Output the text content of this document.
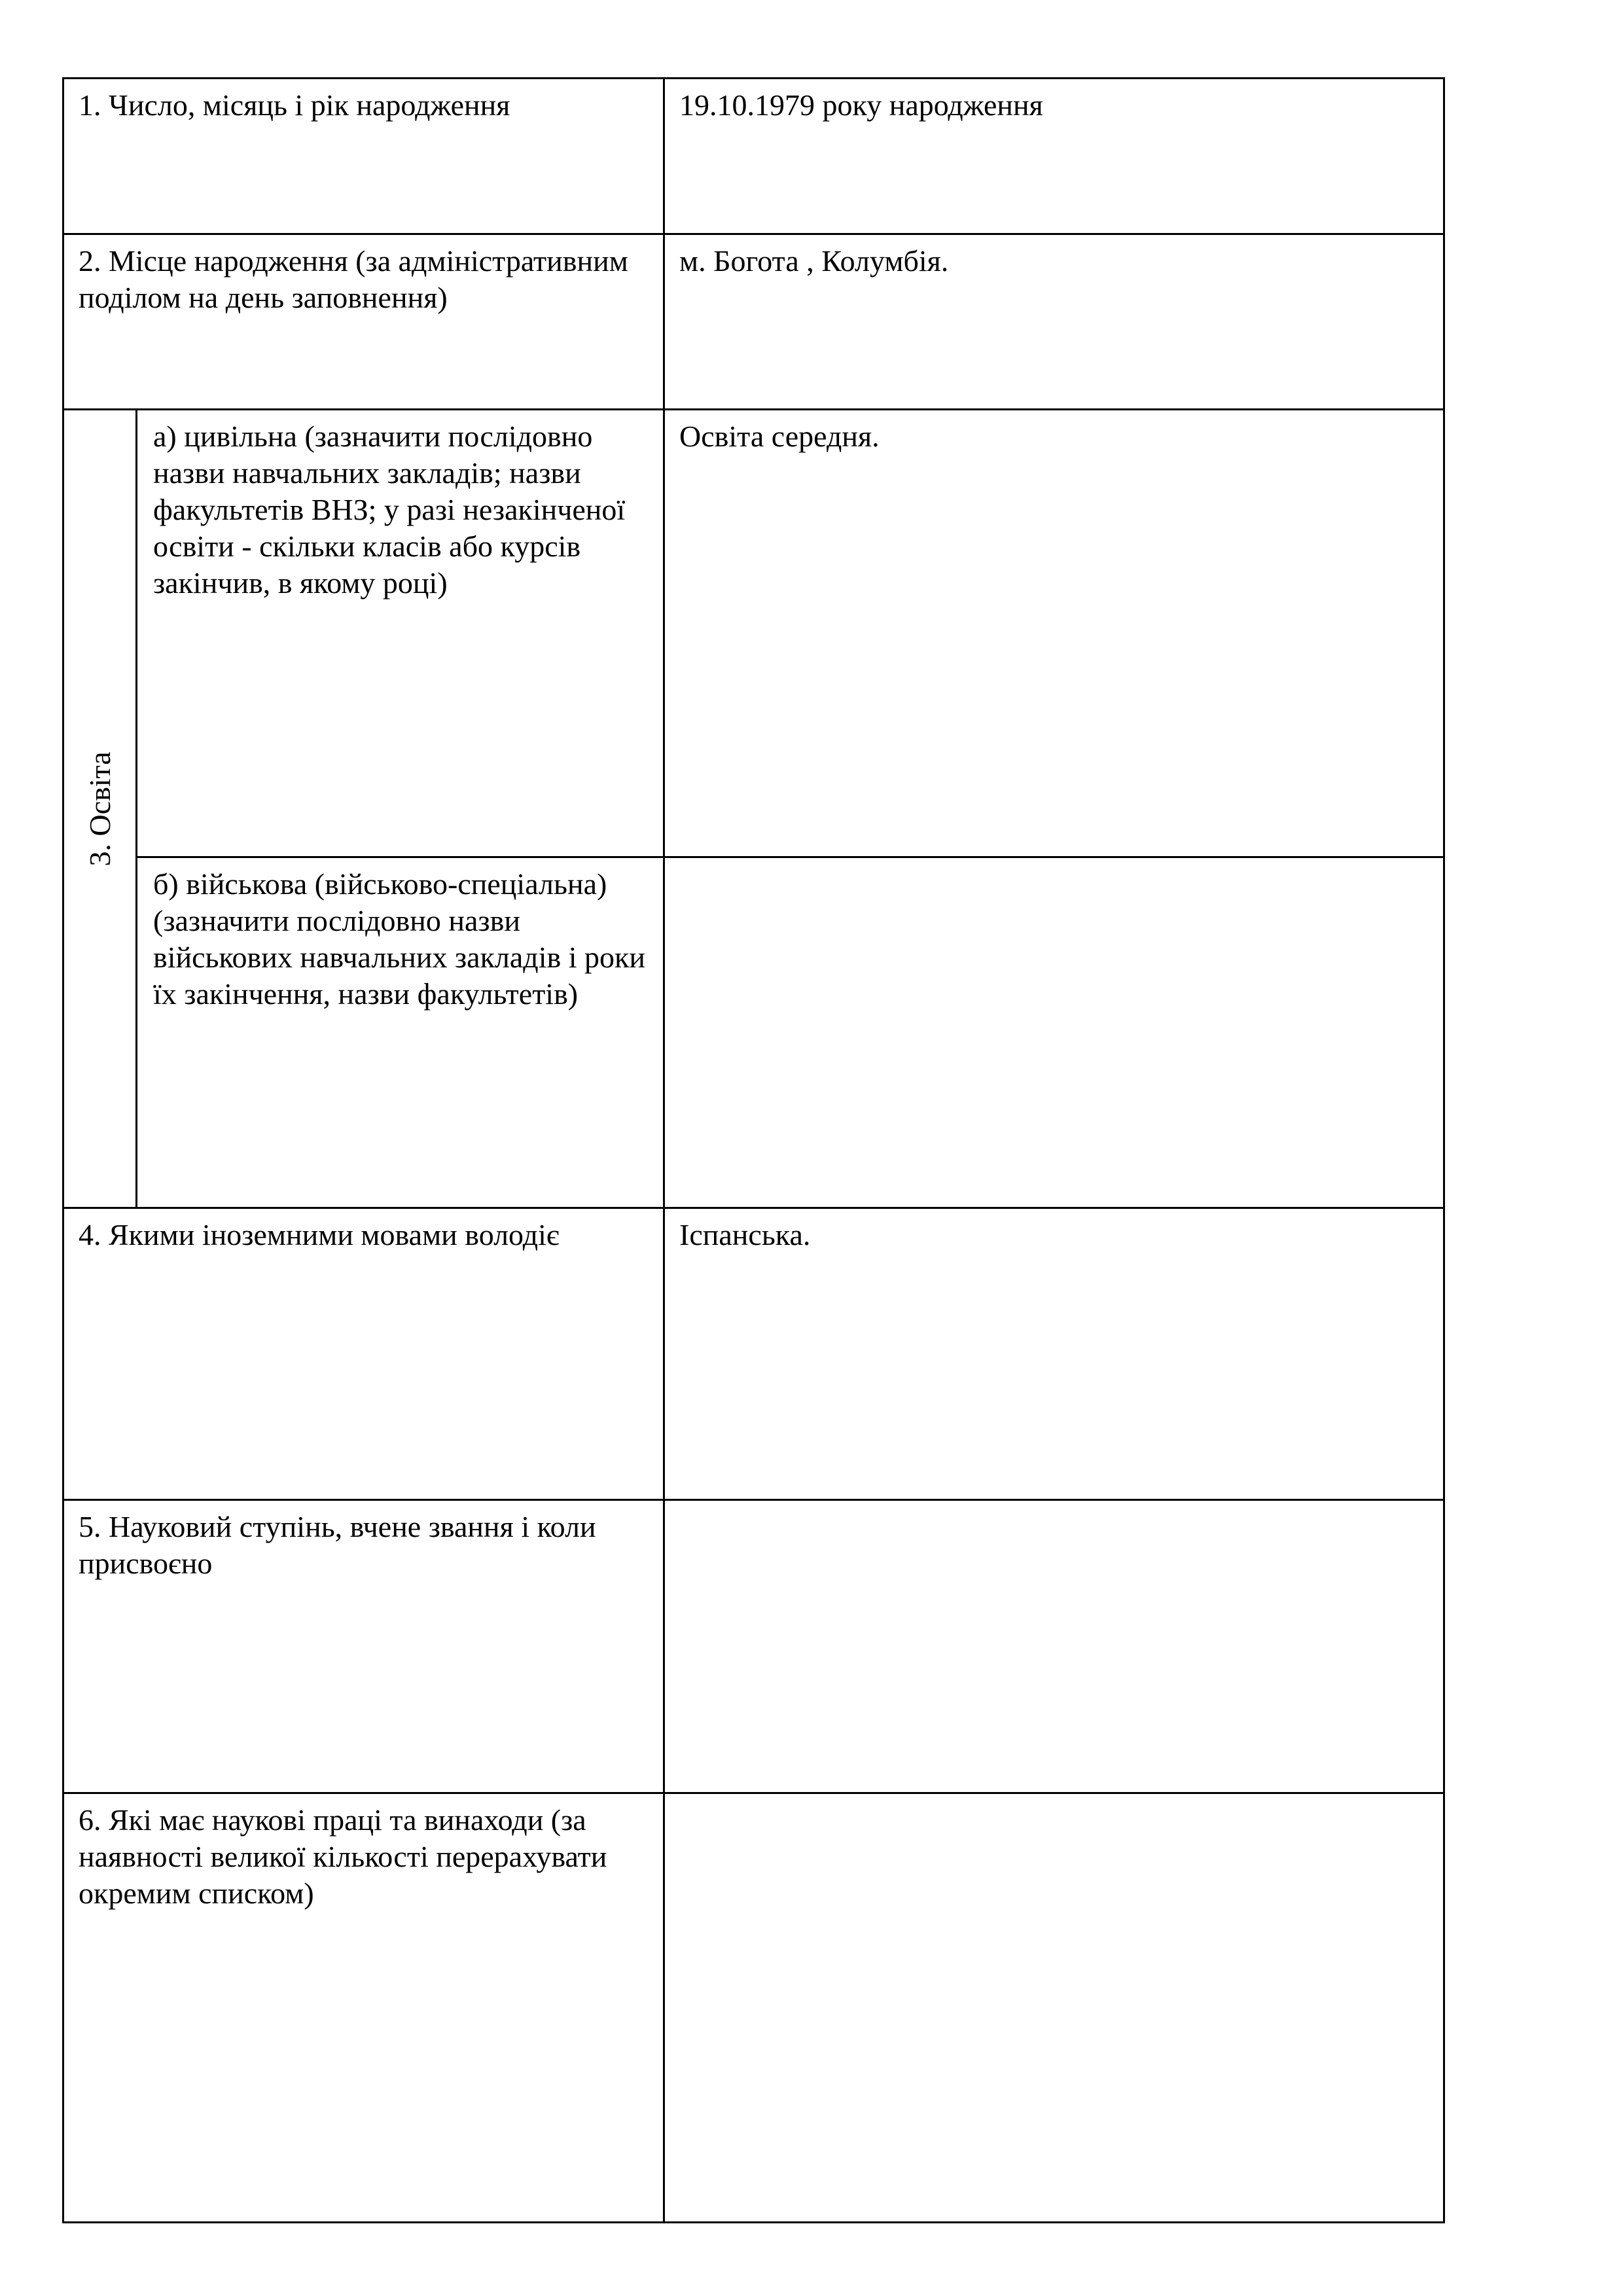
1. Число, місяць і рік народження		19.10.1979 року народження
2. Місце народження (за адміністративним поділом на день заповнення)		м. Богота , Колумбія.

3. Освіта	а) цивільна (зазначити послідовно назви навчальних закладів; назви факультетів ВНЗ; у разі незакінченої освіти - скільки класів або курсів закінчив, в якому році)	Освіта середня.
	б) військова (військово-спеціальна) (зазначити послідовно назви військових навчальних закладів і роки їх закінчення, назви факультетів)	
4. Якими іноземними мовами володіє		Іспанська.
5. Науковий ступінь, вчене звання і коли присвоєно		
6. Які має наукові праці та винаходи (за наявності великої кількості перерахувати окремим списком)		
